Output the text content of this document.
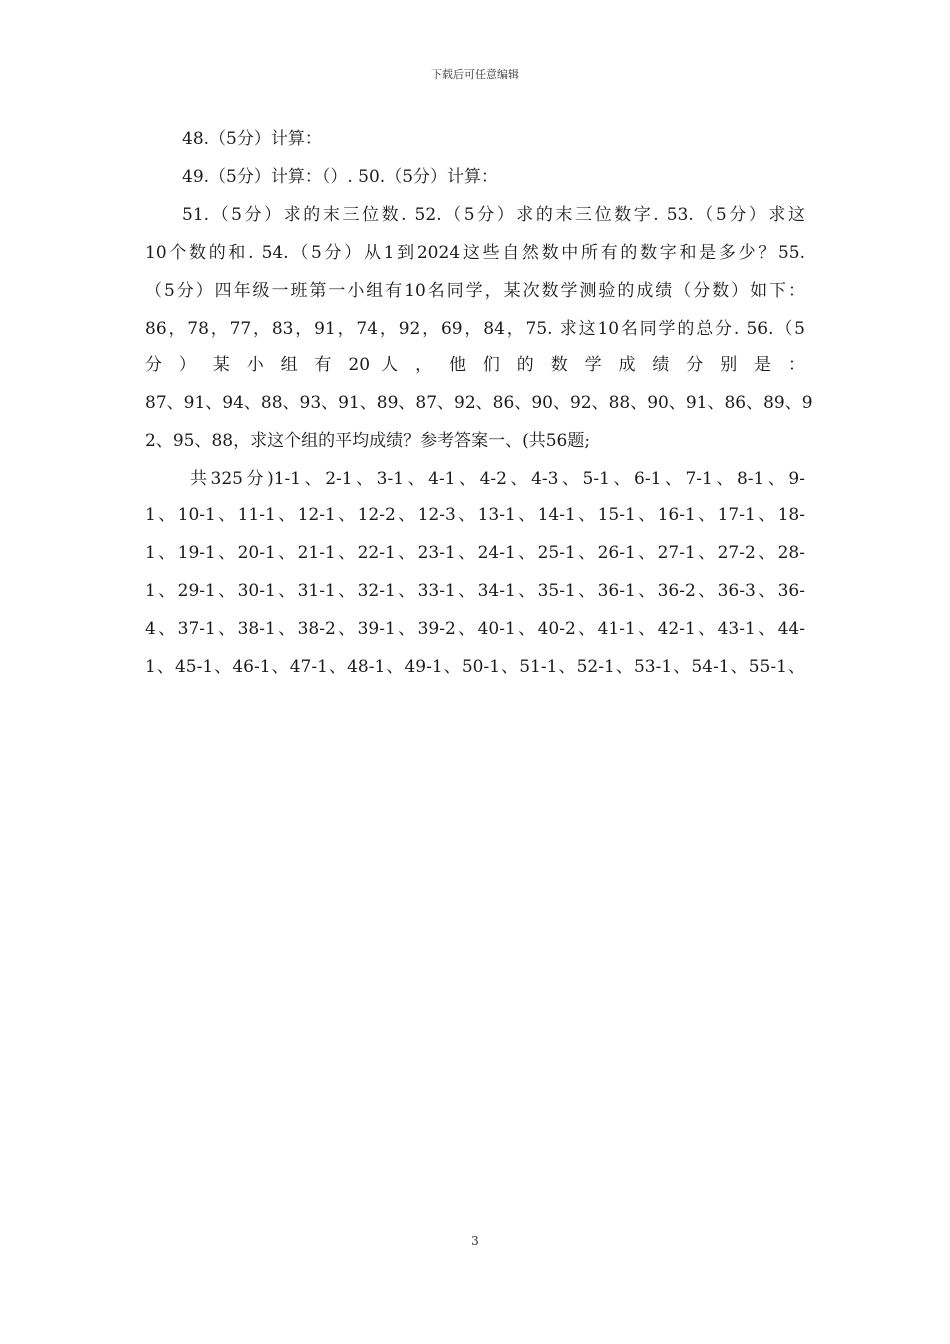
下载后可任意编辑
48.（5分）计算：
49.（5分）计算：（）. 50.（5分）计算：
51.（5分）求的末三位数. 52.（5分）求的末三位数字. 53.（5分）求这
10个数的和. 54.（5分）从1到2024这些自然数中所有的数字和是多少？55.
（5分）四年级一班第一小组有10名同学，某次数学测验的成绩（分数）如下：
86，78，77，83，91，74，92，69，84，75. 求这10名同学的总分. 56.（5
分 ） 某 小 组 有 20 人 ， 他 们 的 数 学 成 绩 分 别 是 ：
87、91、94、88、93、91、89、87、92、86、90、92、88、90、91、86、89、9
2、95、88，求这个组的平均成绩？参考答案一、(共56题;
共325分)1-1、2-1、3-1、4-1、4-2、4-3、5-1、6-1、7-1、8-1、9-
1、10-1、11-1、12-1、12-2、12-3、13-1、14-1、15-1、16-1、17-1、18-
1、19-1、20-1、21-1、22-1、23-1、24-1、25-1、26-1、27-1、27-2、28-
1、29-1、30-1、31-1、32-1、33-1、34-1、35-1、36-1、36-2、36-3、36-
4、37-1、38-1、38-2、39-1、39-2、40-1、40-2、41-1、42-1、43-1、44-
1、45-1、46-1、47-1、48-1、49-1、50-1、51-1、52-1、53-1、54-1、55-1、
3
